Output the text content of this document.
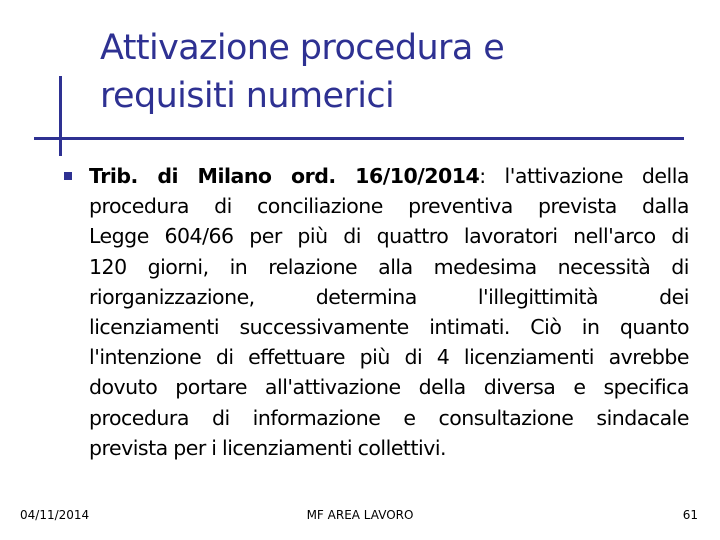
Attivazione procedura e
requisiti numerici
Trib. di Milano ord. 16/10/2014: l'attivazione della
procedura di conciliazione preventiva prevista dalla
Legge 604/66 per più di quattro lavoratori nell'arco di
120 giorni, in relazione alla medesima necessità di
riorganizzazione, determina l'illegittimità dei
licenziamenti successivamente intimati. Ciò in quanto
l'intenzione di effettuare più di 4 licenziamenti avrebbe
dovuto portare all'attivazione della diversa e specifica
procedura di informazione e consultazione sindacale
prevista per i licenziamenti collettivi.
04/11/2014	MF AREA LAVORO	61
